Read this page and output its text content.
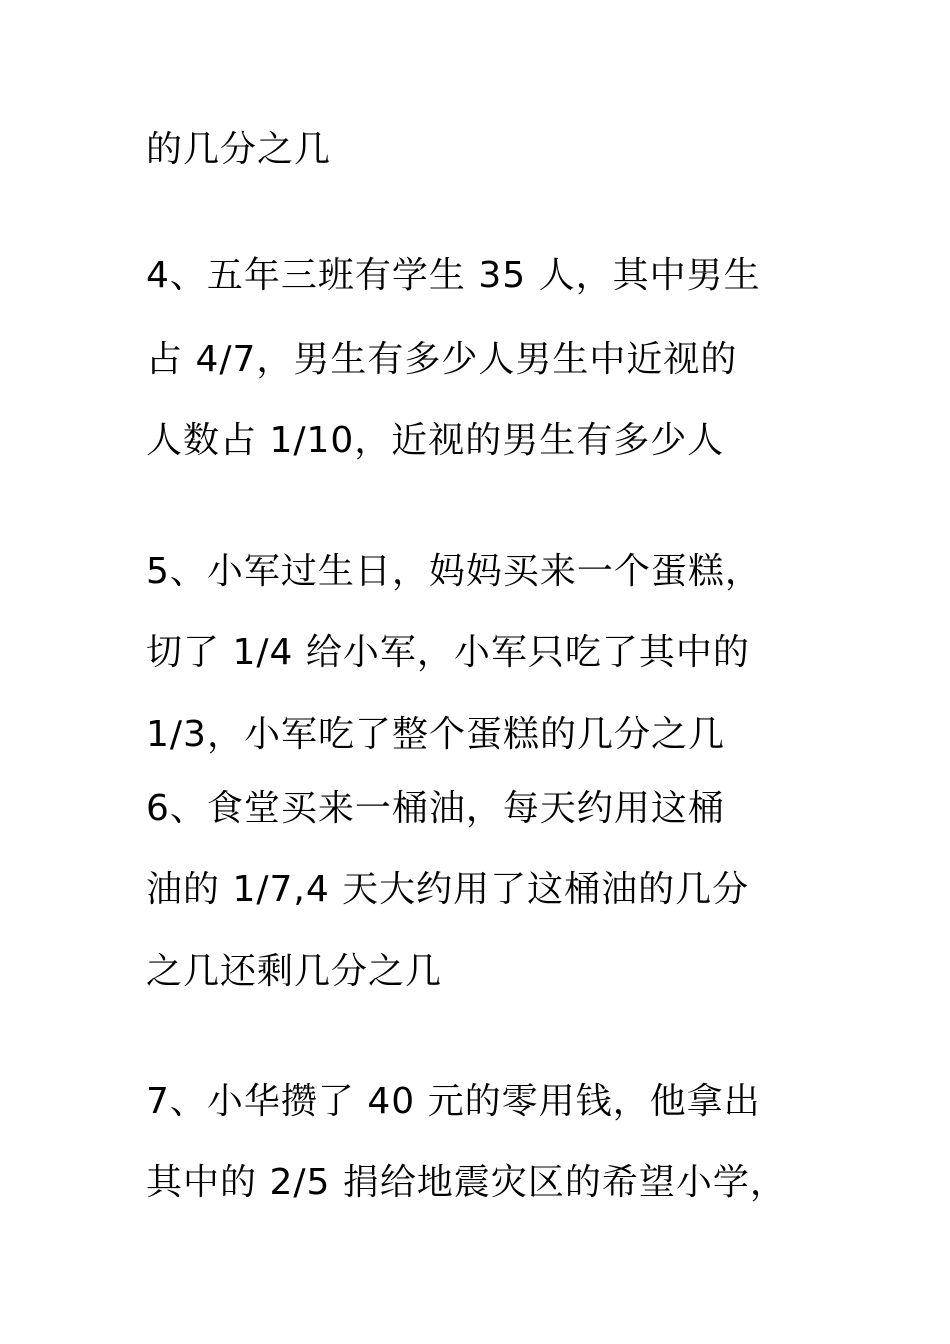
的几分之几

4、五年三班有学生 35 人，其中男生

占 4/7，男生有多少人男生中近视的

人数占 1/10，近视的男生有多少人

5、小军过生日，妈妈买来一个蛋糕，

切了 1/4 给小军，小军只吃了其中的

1/3，小军吃了整个蛋糕的几分之几

6、食堂买来一桶油，每天约用这桶

油的 1/7,4 天大约用了这桶油的几分

之几还剩几分之几

7、小华攒了 40 元的零用钱，他拿出

其中的 2/5 捐给地震灾区的希望小学，
